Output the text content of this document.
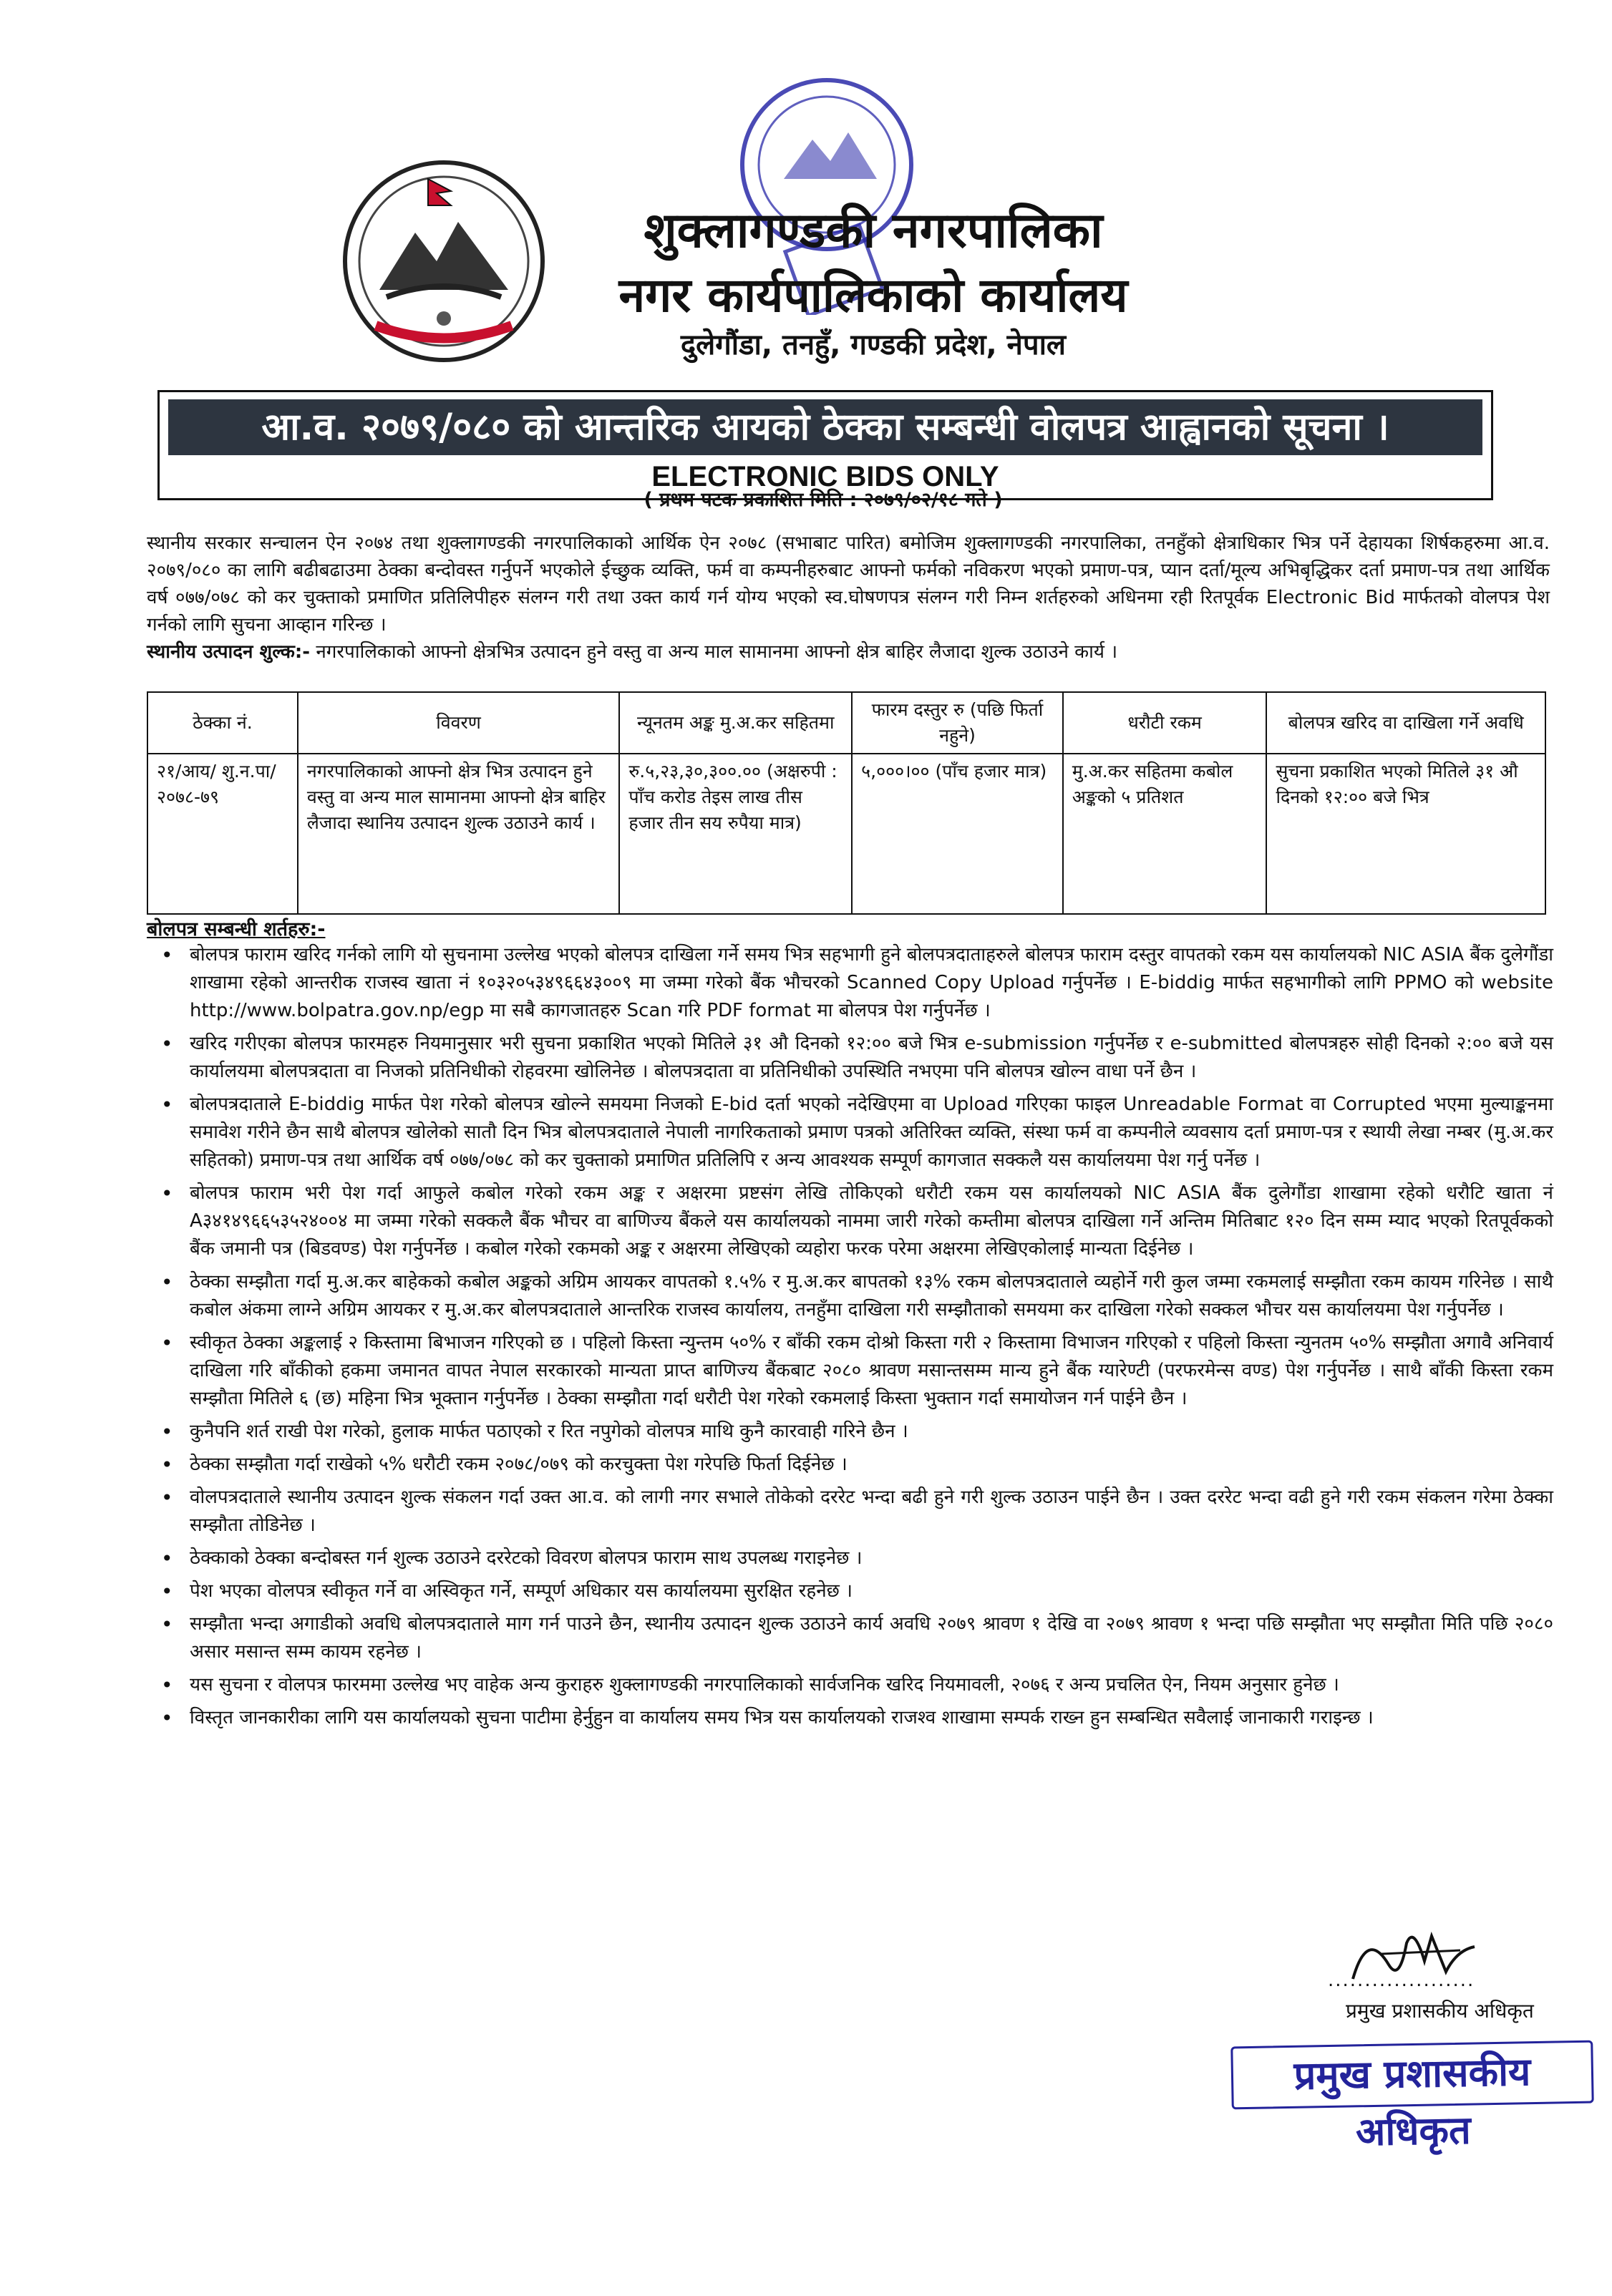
शुक्लागण्डकी नगरपालिका
नगर कार्यपालिकाको कार्यालय
दुलेगौंडा, तनहुँ, गण्डकी प्रदेश, नेपाल
आ.व. २०७९/०८० को आन्तरिक आयको ठेक्का सम्बन्धी वोलपत्र आह्वानको सूचना ।
ELECTRONIC BIDS ONLY
( प्रथम पटक प्रकाशित मिति : २०७९/०२/१८ गते )
स्थानीय सरकार सन्चालन ऐन २०७४ तथा शुक्लागण्डकी नगरपालिकाको आर्थिक ऐन २०७८ (सभाबाट पारित) बमोजिम शुक्लागण्डकी नगरपालिका, तनहुँको क्षेत्राधिकार भित्र पर्ने देहायका शिर्षकहरुमा आ.व. २०७९/०८० का लागि बढीबढाउमा ठेक्का बन्दोवस्त गर्नुपर्ने भएकोले ईच्छुक व्यक्ति, फर्म वा कम्पनीहरुबाट आफ्नो फर्मको नविकरण भएको प्रमाण-पत्र, प्यान दर्ता/मूल्य अभिबृद्धिकर दर्ता प्रमाण-पत्र तथा आर्थिक वर्ष ०७७/०७८ को कर चुक्ताको प्रमाणित प्रतिलिपीहरु संलग्न गरी तथा उक्त कार्य गर्न योग्य भएको स्व.घोषणपत्र संलग्न गरी निम्न शर्तहरुको अधिनमा रही रितपूर्वक Electronic Bid मार्फतको वोलपत्र पेश गर्नको लागि सुचना आव्हान गरिन्छ ।
स्थानीय उत्पादन शुल्क:- नगरपालिकाको आफ्नो क्षेत्रभित्र उत्पादन हुने वस्तु वा अन्य माल सामानमा आफ्नो क्षेत्र बाहिर लैजादा शुल्क उठाउने कार्य ।
ठेक्का नं.	विवरण	न्यूनतम अङ्क मु.अ.कर सहितमा	फारम दस्तुर रु (पछि फिर्ता नहुने)	धरौटी रकम	बोलपत्र खरिद वा दाखिला गर्ने अवधि
२१/आय/ शु.न.पा/ २०७८-७९	नगरपालिकाको आफ्नो क्षेत्र भित्र उत्पादन हुने वस्तु वा अन्य माल सामानमा आफ्नो क्षेत्र बाहिर लैजादा स्थानिय उत्पादन शुल्क उठाउने कार्य ।	रु.५,२३,३०,३००.०० (अक्षरुपी : पाँच करोड तेइस लाख तीस हजार तीन सय रुपैया मात्र)	५,०००।०० (पाँच हजार मात्र)	मु.अ.कर सहितमा कबोल अङ्कको ५ प्रतिशत	सुचना प्रकाशित भएको मितिले ३१ औ दिनको १२:०० बजे भित्र
बोलपत्र सम्बन्धी शर्तहरु:-
• बोलपत्र फाराम खरिद गर्नको लागि यो सुचनामा उल्लेख भएको बोलपत्र दाखिला गर्ने समय भित्र सहभागी हुने बोलपत्रदाताहरुले बोलपत्र फाराम दस्तुर वापतको रकम यस कार्यालयको NIC ASIA बैंक दुलेगौंडा शाखामा रहेको आन्तरीक राजस्व खाता नं १०३२०५३४९६६४३००९ मा जम्मा गरेको बैंक भौचरको Scanned Copy Upload गर्नुपर्नेछ । E-biddig मार्फत सहभागीको लागि PPMO को website http://www.bolpatra.gov.np/egp मा सबै कागजातहरु Scan गरि PDF format मा बोलपत्र पेश गर्नुपर्नेछ ।
• खरिद गरीएका बोलपत्र फारमहरु नियमानुसार भरी सुचना प्रकाशित भएको मितिले ३१ औ दिनको १२:०० बजे भित्र e-submission गर्नुपर्नेछ र e-submitted बोलपत्रहरु सोही दिनको २:०० बजे यस कार्यालयमा बोलपत्रदाता वा निजको प्रतिनिधीको रोहवरमा खोलिनेछ । बोलपत्रदाता वा प्रतिनिधीको उपस्थिति नभएमा पनि बोलपत्र खोल्न वाधा पर्ने छैन ।
• बोलपत्रदाताले E-biddig मार्फत पेश गरेको बोलपत्र खोल्ने समयमा निजको E-bid दर्ता भएको नदेखिएमा वा Upload गरिएका फाइल Unreadable Format वा Corrupted भएमा मुल्याङ्कनमा समावेश गरीने छैन साथै बोलपत्र खोलेको सातौ दिन भित्र बोलपत्रदाताले नेपाली नागरिकताको प्रमाण पत्रको अतिरिक्त व्यक्ति, संस्था फर्म वा कम्पनीले व्यवसाय दर्ता प्रमाण-पत्र र स्थायी लेखा नम्बर (मु.अ.कर सहितको) प्रमाण-पत्र तथा आर्थिक वर्ष ०७७/०७८ को कर चुक्ताको प्रमाणित प्रतिलिपि र अन्य आवश्यक सम्पूर्ण कागजात सक्कलै यस कार्यालयमा पेश गर्नु पर्नेछ ।
• बोलपत्र फाराम भरी पेश गर्दा आफुले कबोल गरेको रकम अङ्क र अक्षरमा प्रष्टसंग लेखि तोकिएको धरौटी रकम यस कार्यालयको NIC ASIA बैंक दुलेगौंडा शाखामा रहेको धरौटि खाता नं A३४१४९६६५३५२४००४ मा जम्मा गरेको सक्कलै बैंक भौचर वा बाणिज्य बैंकले यस कार्यालयको नाममा जारी गरेको कम्तीमा बोलपत्र दाखिला गर्ने अन्तिम मितिबाट १२० दिन सम्म म्याद भएको रितपूर्वकको बैंक जमानी पत्र (बिडवण्ड) पेश गर्नुपर्नेछ । कबोल गरेको रकमको अङ्क र अक्षरमा लेखिएको व्यहोरा फरक परेमा अक्षरमा लेखिएकोलाई मान्यता दिईनेछ ।
• ठेक्का सम्झौता गर्दा मु.अ.कर बाहेकको कबोल अङ्कको अग्रिम आयकर वापतको १.५% र मु.अ.कर बापतको १३% रकम बोलपत्रदाताले व्यहोर्ने गरी कुल जम्मा रकमलाई सम्झौता रकम कायम गरिनेछ । साथै कबोल अंकमा लाग्ने अग्रिम आयकर र मु.अ.कर बोलपत्रदाताले आन्तरिक राजस्व कार्यालय, तनहुँमा दाखिला गरी सम्झौताको समयमा कर दाखिला गरेको सक्कल भौचर यस कार्यालयमा पेश गर्नुपर्नेछ ।
• स्वीकृत ठेक्का अङ्कलाई २ किस्तामा बिभाजन गरिएको छ । पहिलो किस्ता न्युन्तम ५०% र बाँकी रकम दोश्रो किस्ता गरी २ किस्तामा विभाजन गरिएको र पहिलो किस्ता न्युनतम ५०% सम्झौता अगावै अनिवार्य दाखिला गरि बाँकीको हकमा जमानत वापत नेपाल सरकारको मान्यता प्राप्त बाणिज्य बैंकबाट २०८० श्रावण मसान्तसम्म मान्य हुने बैंक ग्यारेण्टी (परफरमेन्स वण्ड) पेश गर्नुपर्नेछ । साथै बाँकी किस्ता रकम सम्झौता मितिले ६ (छ) महिना भित्र भूक्तान गर्नुपर्नेछ । ठेक्का सम्झौता गर्दा धरौटी पेश गरेको रकमलाई किस्ता भुक्तान गर्दा समायोजन गर्न पाईने छैन ।
• कुनैपनि शर्त राखी पेश गरेको, हुलाक मार्फत पठाएको र रित नपुगेको वोलपत्र माथि कुनै कारवाही गरिने छैन ।
• ठेक्का सम्झौता गर्दा राखेको ५% धरौटी रकम २०७८/०७९ को करचुक्ता पेश गरेपछि फिर्ता दिईनेछ ।
• वोलपत्रदाताले स्थानीय उत्पादन शुल्क संकलन गर्दा उक्त आ.व. को लागी नगर सभाले तोकेको दररेट भन्दा बढी हुने गरी शुल्क उठाउन पाईने छैन । उक्त दररेट भन्दा वढी हुने गरी रकम संकलन गरेमा ठेक्का सम्झौता तोडिनेछ ।
• ठेक्काको ठेक्का बन्दोबस्त गर्न शुल्क उठाउने दररेटको विवरण बोलपत्र फाराम साथ उपलब्ध गराइनेछ ।
• पेश भएका वोलपत्र स्वीकृत गर्ने वा अस्विकृत गर्ने, सम्पूर्ण अधिकार यस कार्यालयमा सुरक्षित रहनेछ ।
• सम्झौता भन्दा अगाडीको अवधि बोलपत्रदाताले माग गर्न पाउने छैन, स्थानीय उत्पादन शुल्क उठाउने कार्य अवधि २०७९ श्रावण १ देखि वा २०७९ श्रावण १ भन्दा पछि सम्झौता भए सम्झौता मिति पछि २०८० असार मसान्त सम्म कायम रहनेछ ।
• यस सुचना र वोलपत्र फारममा उल्लेख भए वाहेक अन्य कुराहरु शुक्लागण्डकी नगरपालिकाको सार्वजनिक खरिद नियमावली, २०७६ र अन्य प्रचलित ऐन, नियम अनुसार हुनेछ ।
• विस्तृत जानकारीका लागि यस कार्यालयको सुचना पाटीमा हेर्नुहुन वा कार्यालय समय भित्र यस कार्यालयको राजश्व शाखामा सम्पर्क राख्न हुन सम्बन्धित सवैलाई जानाकारी गराइन्छ ।
....................
प्रमुख प्रशासकीय अधिकृत
प्रमुख प्रशासकीय अधिकृत
